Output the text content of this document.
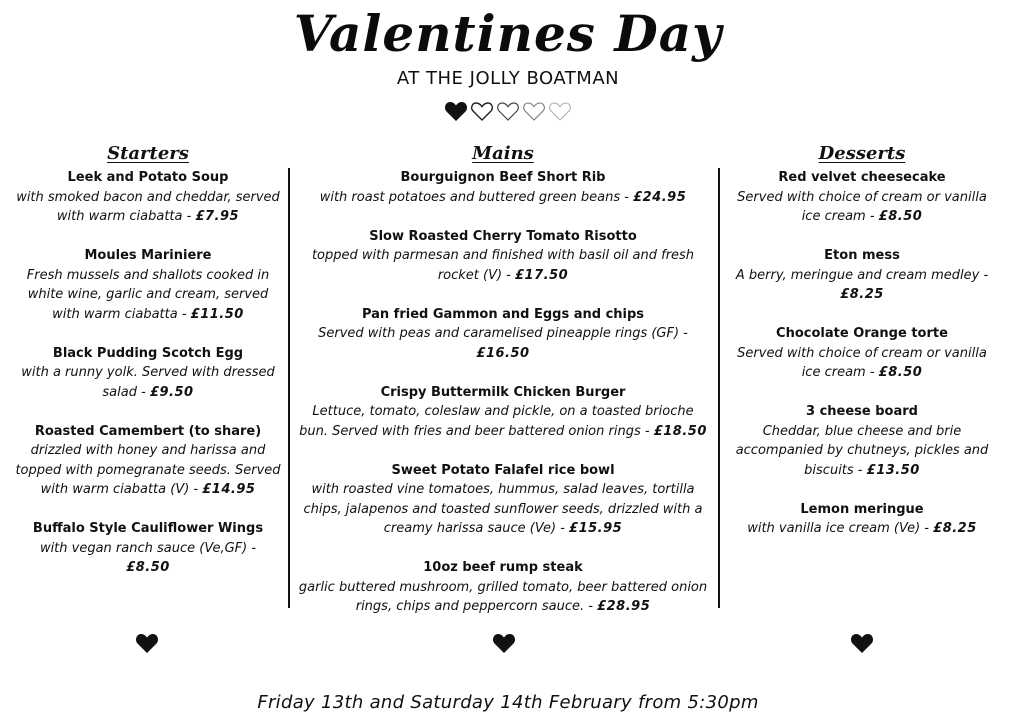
Valentines Day
AT THE JOLLY BOATMAN

Starters
Leek and Potato Soup
with smoked bacon and cheddar, served with warm ciabatta - £7.95
Moules Mariniere
Fresh mussels and shallots cooked in white wine, garlic and cream, served with warm ciabatta - £11.50
Black Pudding Scotch Egg
with a runny yolk. Served with dressed salad - £9.50
Roasted Camembert (to share)
drizzled with honey and harissa and topped with pomegranate seeds. Served with warm ciabatta (V) - £14.95
Buffalo Style Cauliflower Wings
with vegan ranch sauce (Ve,GF) -
£8.50
Mains
Bourguignon Beef Short Rib
with roast potatoes and buttered green beans - £24.95
Slow Roasted Cherry Tomato Risotto
topped with parmesan and finished with basil oil and fresh rocket (V) - £17.50
Pan fried Gammon and Eggs and chips
Served with peas and caramelised pineapple rings (GF) -
£16.50
Crispy Buttermilk Chicken Burger
Lettuce, tomato, coleslaw and pickle, on a toasted brioche bun. Served with fries and beer battered onion rings - £18.50
Sweet Potato Falafel rice bowl
with roasted vine tomatoes, hummus, salad leaves, tortilla chips, jalapenos and toasted sunflower seeds, drizzled with a creamy harissa sauce (Ve) - £15.95
10oz beef rump steak
garlic buttered mushroom, grilled tomato, beer battered onion rings, chips and peppercorn sauce. - £28.95
Desserts
Red velvet cheesecake
Served with choice of cream or vanilla ice cream - £8.50
Eton mess
A berry, meringue and cream medley -
£8.25
Chocolate Orange torte
Served with choice of cream or vanilla ice cream - £8.50
3 cheese board
Cheddar, blue cheese and brie accompanied by chutneys, pickles and biscuits - £13.50
Lemon meringue
with vanilla ice cream (Ve) - £8.25
Friday 13th and Saturday 14th February from 5:30pm
